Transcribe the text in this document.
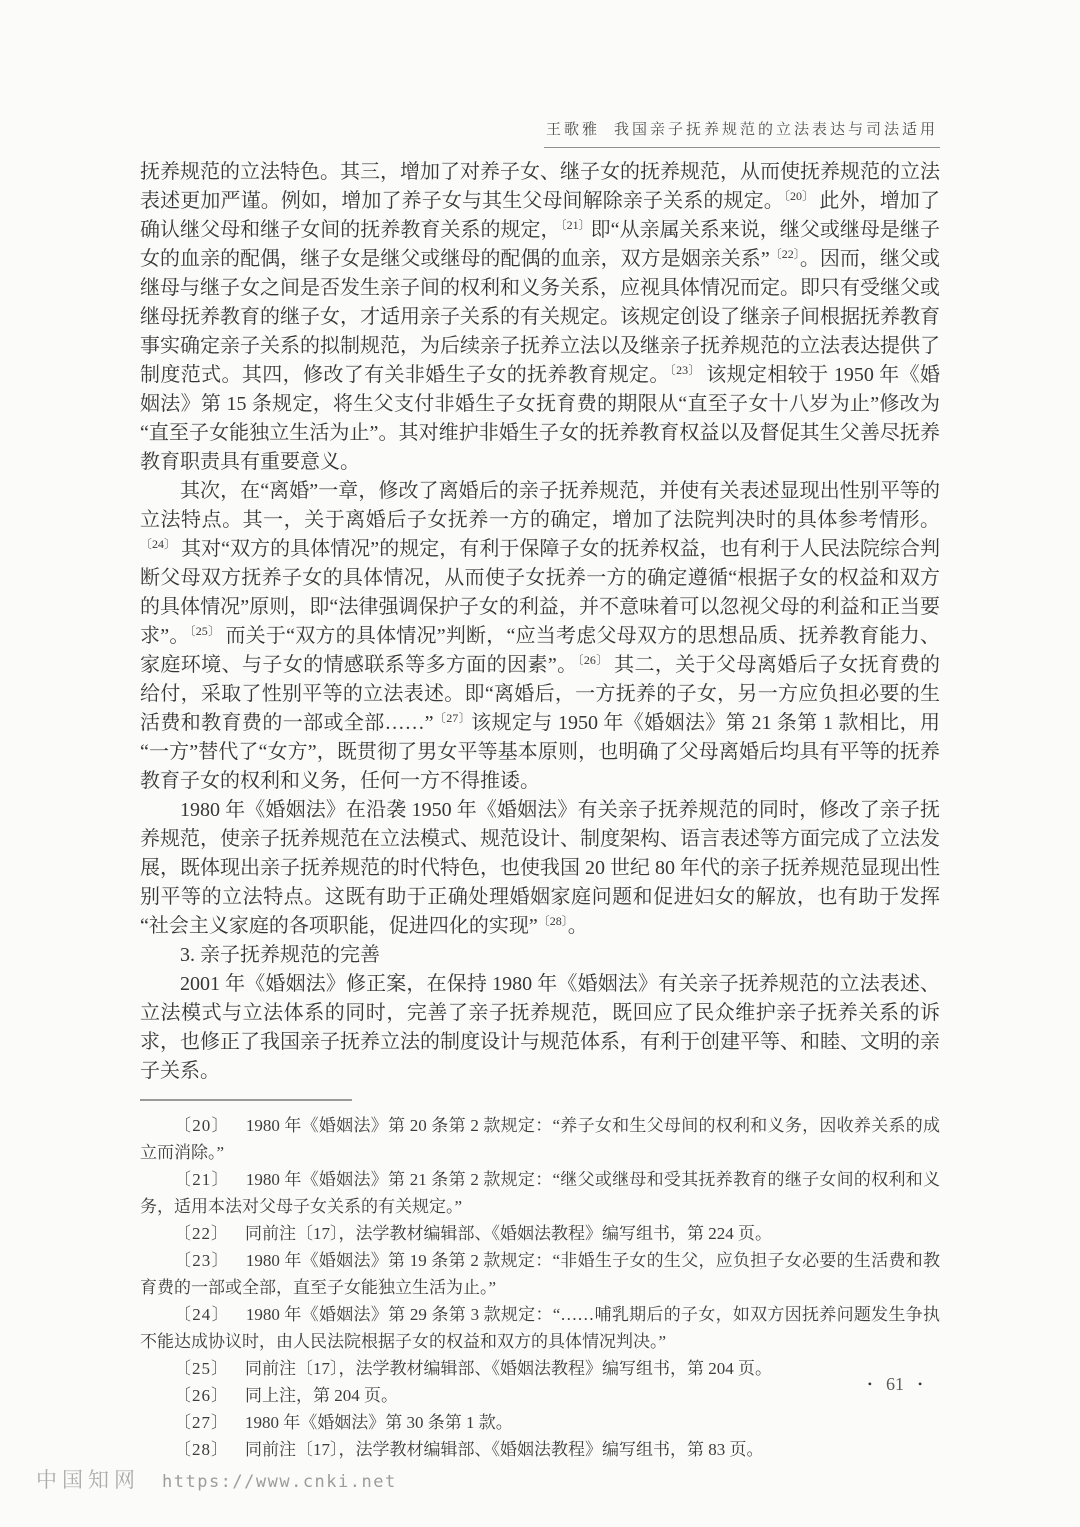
王歌雅 我国亲子抚养规范的立法表达与司法适用

抚养规范的立法特色。其三，增加了对养子女、继子女的抚养规范，从而使抚养规范的立法表述更加严谨。例如，增加了养子女与其生父母间解除亲子关系的规定。$^{〔20〕}$ 此外，增加了确认继父母和继子女间的抚养教育关系的规定，$^{〔21〕}$即“从亲属关系来说，继父或继母是继子女的血亲的配偶，继子女是继父或继母的配偶的血亲，双方是姻亲关系”$^{〔22〕}$。因而，继父或继母与继子女之间是否发生亲子间的权利和义务关系，应视具体情况而定。即只有受继父或继母抚养教育的继子女，才适用亲子关系的有关规定。该规定创设了继亲子间根据抚养教育事实确定亲子关系的拟制规范，为后续亲子抚养立法以及继亲子抚养规范的立法表达提供了制度范式。其四，修改了有关非婚生子女的抚养教育规定。$^{〔23〕}$ 该规定相较于 1950 年《婚姻法》第 15 条规定，将生父支付非婚生子女抚育费的期限从“直至子女十八岁为止”修改为“直至子女能独立生活为止”。其对维护非婚生子女的抚养教育权益以及督促其生父善尽抚养教育职责具有重要意义。

其次，在“离婚”一章，修改了离婚后的亲子抚养规范，并使有关表述显现出性别平等的立法特点。其一，关于离婚后子女抚养一方的确定，增加了法院判决时的具体参考情形。$^{〔24〕}$ 其对“双方的具体情况”的规定，有利于保障子女的抚养权益，也有利于人民法院综合判断父母双方抚养子女的具体情况，从而使子女抚养一方的确定遵循“根据子女的权益和双方的具体情况”原则，即“法律强调保护子女的利益，并不意味着可以忽视父母的利益和正当要求”。$^{〔25〕}$ 而关于“双方的具体情况”判断，“应当考虑父母双方的思想品质、抚养教育能力、家庭环境、与子女的情感联系等多方面的因素”。$^{〔26〕}$ 其二，关于父母离婚后子女抚育费的给付，采取了性别平等的立法表述。即“离婚后，一方抚养的子女，另一方应负担必要的生活费和教育费的一部或全部……”$^{〔27〕}$该规定与 1950 年《婚姻法》第 21 条第 1 款相比，用“一方”替代了“女方”，既贯彻了男女平等基本原则，也明确了父母离婚后均具有平等的抚养教育子女的权利和义务，任何一方不得推诿。

1980 年《婚姻法》在沿袭 1950 年《婚姻法》有关亲子抚养规范的同时，修改了亲子抚养规范，使亲子抚养规范在立法模式、规范设计、制度架构、语言表述等方面完成了立法发展，既体现出亲子抚养规范的时代特色，也使我国 20 世纪 80 年代的亲子抚养规范显现出性别平等的立法特点。这既有助于正确处理婚姻家庭问题和促进妇女的解放，也有助于发挥“社会主义家庭的各项职能，促进四化的实现”$^{〔28〕}$。

3. 亲子抚养规范的完善

2001 年《婚姻法》修正案，在保持 1980 年《婚姻法》有关亲子抚养规范的立法表述、立法模式与立法体系的同时，完善了亲子抚养规范，既回应了民众维护亲子抚养关系的诉求，也修正了我国亲子抚养立法的制度设计与规范体系，有利于创建平等、和睦、文明的亲子关系。

〔20〕 1980 年《婚姻法》第 20 条第 2 款规定：“养子女和生父母间的权利和义务，因收养关系的成立而消除。”

〔21〕 1980 年《婚姻法》第 21 条第 2 款规定：“继父或继母和受其抚养教育的继子女间的权利和义务，适用本法对父母子女关系的有关规定。”

〔22〕 同前注〔17〕，法学教材编辑部、《婚姻法教程》编写组书，第 224 页。

〔23〕 1980 年《婚姻法》第 19 条第 2 款规定：“非婚生子女的生父，应负担子女必要的生活费和教育费的一部或全部，直至子女能独立生活为止。”

〔24〕 1980 年《婚姻法》第 29 条第 3 款规定：“……哺乳期后的子女，如双方因抚养问题发生争执不能达成协议时，由人民法院根据子女的权益和双方的具体情况判决。”

〔25〕 同前注〔17〕，法学教材编辑部、《婚姻法教程》编写组书，第 204 页。

〔26〕 同上注，第 204 页。

〔27〕 1980 年《婚姻法》第 30 条第 1 款。

〔28〕 同前注〔17〕，法学教材编辑部、《婚姻法教程》编写组书，第 83 页。

• 61 •
中国知网 https://www.cnki.net
